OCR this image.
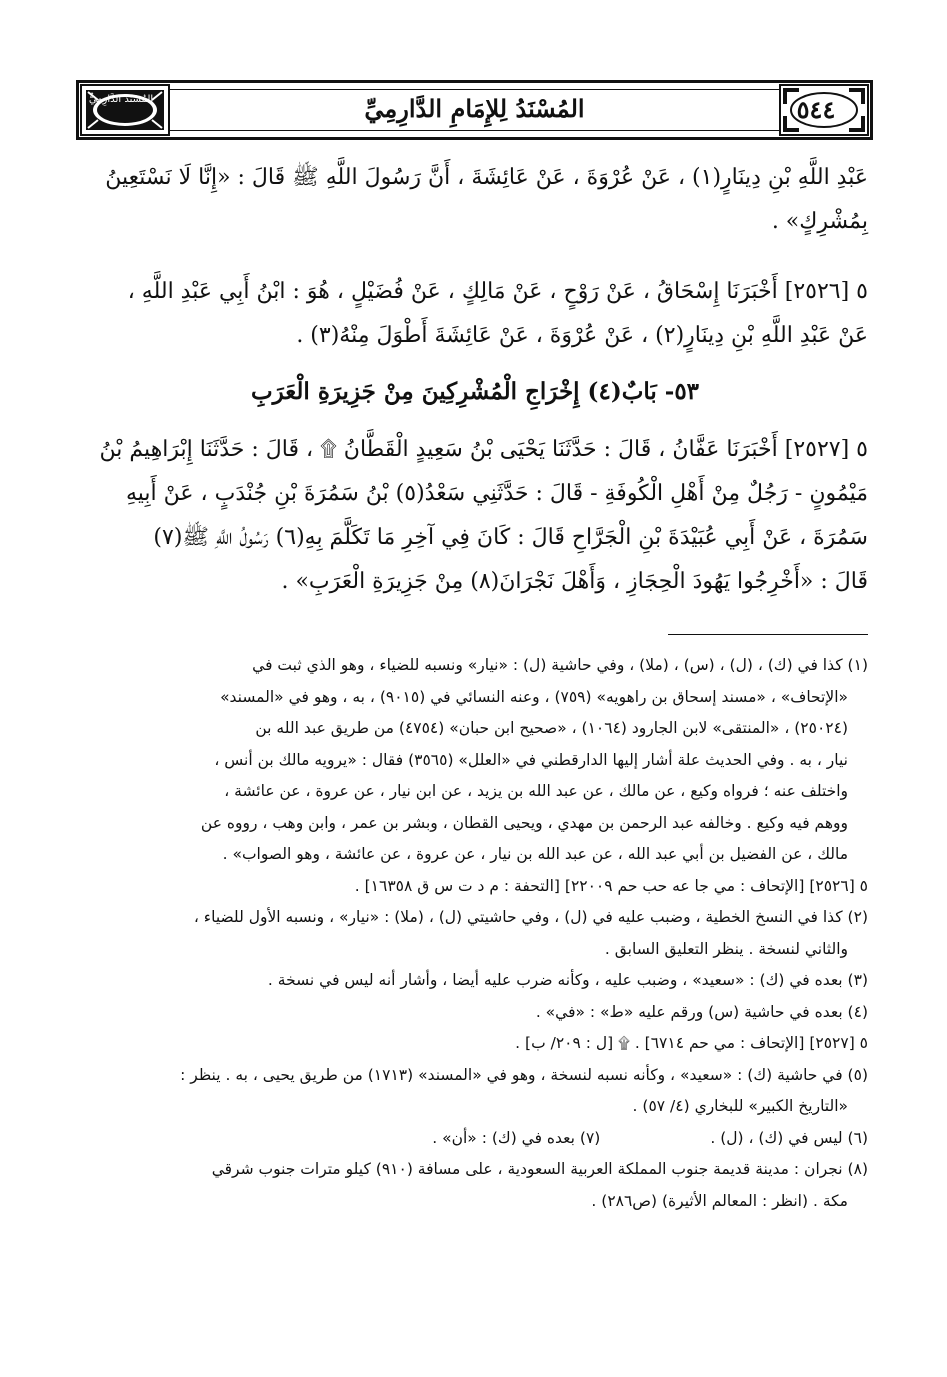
المُسْنَدُ الدَّارِمِيُّ	٥٤٤
المُسْنَدُ لِلإِمَامِ الدَّارِمِيِّ

عَبْدِ اللَّهِ بْنِ دِينَارٍ(١) ، عَنْ عُرْوَةَ ، عَنْ عَائِشَةَ ، أَنَّ رَسُولَ اللَّهِ ﷺ قَالَ : «إِنَّا لَا نَسْتَعِينُ

بِمُشْرِكٍ» .

٥ [٢٥٢٦] أَخْبَرَنَا إِسْحَاقُ ، عَنْ رَوْحٍ ، عَنْ مَالِكٍ ، عَنْ فُضَيْلٍ ، هُوَ : ابْنُ أَبِي عَبْدِ اللَّهِ ،

عَنْ عَبْدِ اللَّهِ بْنِ دِينَارٍ(٢) ، عَنْ عُرْوَةَ ، عَنْ عَائِشَةَ أَطْوَلَ مِنْهُ(٣) .

٥٣- بَابٌ(٤) إِخْرَاجِ الْمُشْرِكِينَ مِنْ جَزِيرَةِ الْعَرَبِ

٥ [٢٥٢٧] أَخْبَرَنَا عَفَّانُ ، قَالَ : حَدَّثَنَا يَحْيَى بْنُ سَعِيدٍ الْقَطَّانُ ۩ ، قَالَ : حَدَّثَنَا إِبْرَاهِيمُ بْنُ

مَيْمُونٍ - رَجُلٌ مِنْ أَهْلِ الْكُوفَةِ - قَالَ : حَدَّثَنِي سَعْدُ(٥) بْنُ سَمُرَةَ بْنِ جُنْدَبٍ ، عَنْ أَبِيهِ

سَمُرَةَ ، عَنْ أَبِي عُبَيْدَةَ بْنِ الْجَرَّاحِ قَالَ : كَانَ فِي آخِرِ مَا تَكَلَّمَ بِهِ(٦) رَسُولُ اللَّهِ ﷺ(٧)

قَالَ : «أَخْرِجُوا يَهُودَ الْحِجَازِ ، وَأَهْلَ نَجْرَانَ(٨) مِنْ جَزِيرَةِ الْعَرَبِ» .

(١) كذا في (ك) ، (ل) ، (س) ، (ملا) ، وفي حاشية (ل) : «نيار» ونسبه للضياء ، وهو الذي ثبت في

«الإتحاف» ، «مسند إسحاق بن راهويه» (٧٥٩) ، وعنه النسائي في (٩٠١٥) ، به ، وهو في «المسند»

(٢٥٠٢٤) ، «المنتقى» لابن الجارود (١٠٦٤) ، «صحيح ابن حبان» (٤٧٥٤) من طريق عبد الله بن

نيار ، به . وفي الحديث علة أشار إليها الدارقطني في «العلل» (٣٥٦٥) فقال : «يرويه مالك بن أنس ،

واختلف عنه ؛ فرواه وكيع ، عن مالك ، عن عبد الله بن يزيد ، عن ابن نيار ، عن عروة ، عن عائشة ،

ووهم فيه وكيع . وخالفه عبد الرحمن بن مهدي ، ويحيى القطان ، وبشر بن عمر ، وابن وهب ، رووه عن

مالك ، عن الفضيل بن أبي عبد الله ، عن عبد الله بن نيار ، عن عروة ، عن عائشة ، وهو الصواب» .

٥ [٢٥٢٦] [الإتحاف : مي جا عه حب حم ٢٢٠٠٩] [التحفة : م د ت س ق ١٦٣٥٨] .

(٢) كذا في النسخ الخطية ، وضبب عليه في (ل) ، وفي حاشيتي (ل) ، (ملا) : «نيار» ، ونسبه الأول للضياء ،

والثاني لنسخة . ينظر التعليق السابق .

(٣) بعده في (ك) : «سعيد» ، وضبب عليه ، وكأنه ضرب عليه أيضا ، وأشار أنه ليس في نسخة .

(٤) بعده في حاشية (س) ورقم عليه «ط» : «في» .

٥ [٢٥٢٧] [الإتحاف : مي حم ٦٧١٤] . ۩ [ل : ٢٠٩/ ب] .

(٥) في حاشية (ك) : «سعيد» ، وكأنه نسبه لنسخة ، وهو في «المسند» (١٧١٣) من طريق يحيى ، به . ينظر :

«التاريخ الكبير» للبخاري (٤/ ٥٧) .

(٦) ليس في (ك) ، (ل) .

(٧) بعده في (ك) : «أن» .

(٨) نجران : مدينة قديمة جنوب المملكة العربية السعودية ، على مسافة (٩١٠) كيلو مترات جنوب شرقي

مكة . (انظر : المعالم الأثيرة) (ص٢٨٦) .
